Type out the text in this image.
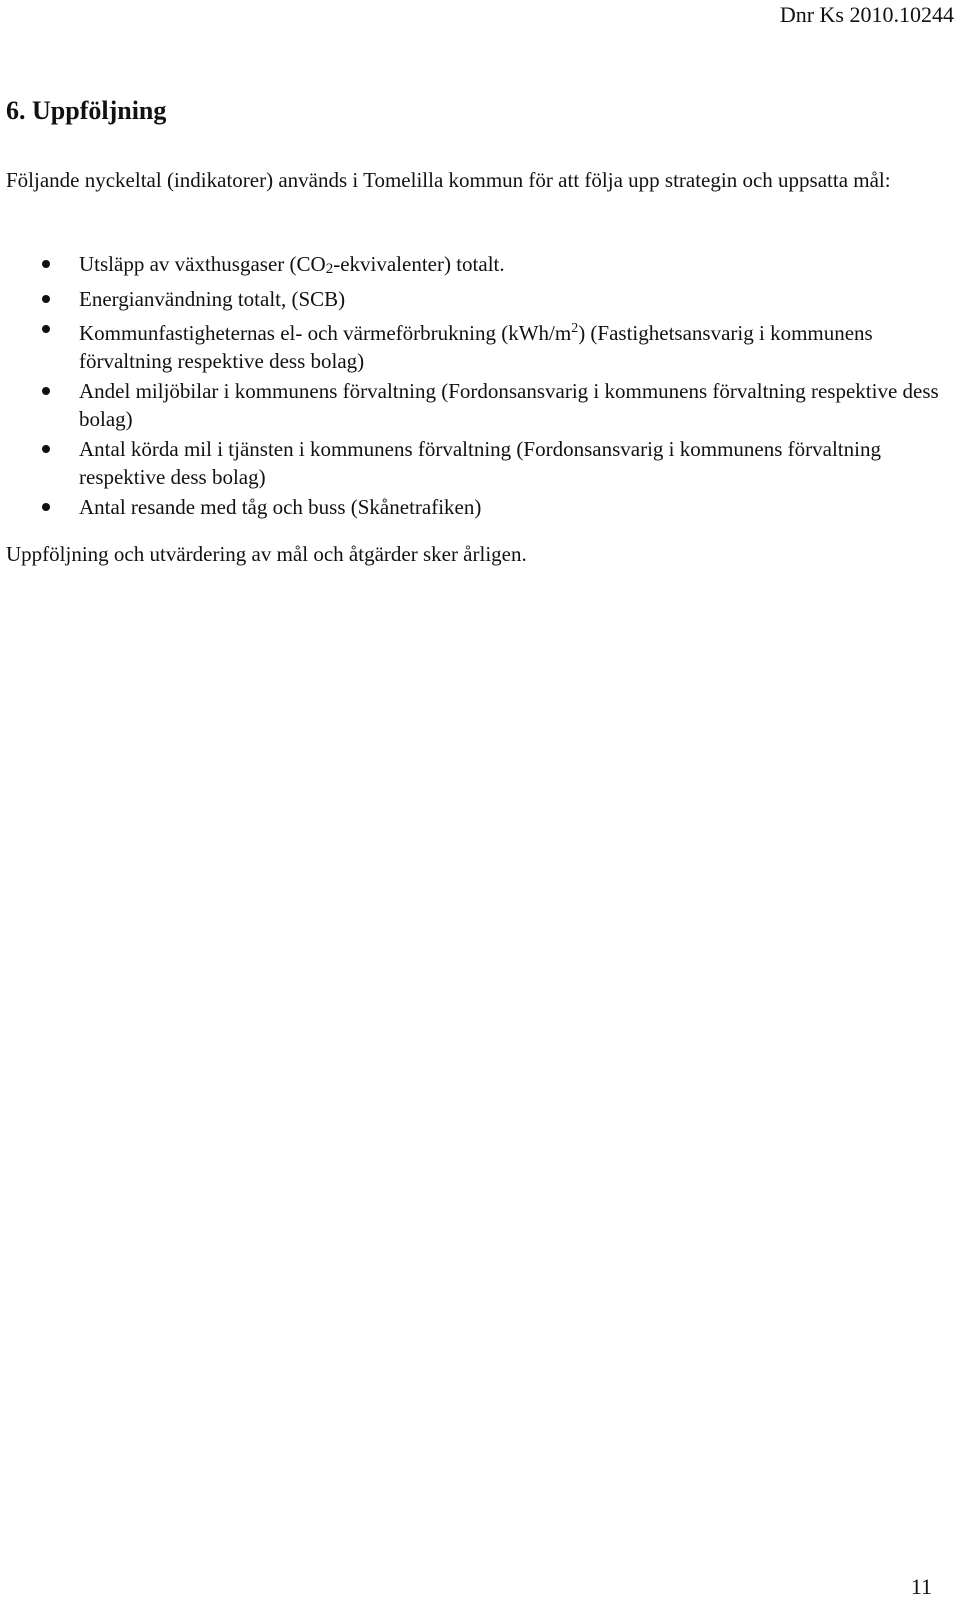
Dnr Ks 2010.10244
6. Uppföljning

Följande nyckeltal (indikatorer) används i Tomelilla kommun för att följa upp strategin och uppsatta mål:

Utsläpp av växthusgaser (CO2-ekvivalenter) totalt.
Energianvändning totalt, (SCB)
Kommunfastigheternas el- och värmeförbrukning $(kWh/m^2)$ (Fastighetsansvarig i kommunens förvaltning respektive dess bolag)
Andel miljöbilar i kommunens förvaltning (Fordonsansvarig i kommunens förvaltning respektive dess bolag)
Antal körda mil i tjänsten i kommunens förvaltning (Fordonsansvarig i kommunens förvaltning respektive dess bolag)
Antal resande med tåg och buss (Skånetrafiken)

Uppföljning och utvärdering av mål och åtgärder sker årligen.

11
